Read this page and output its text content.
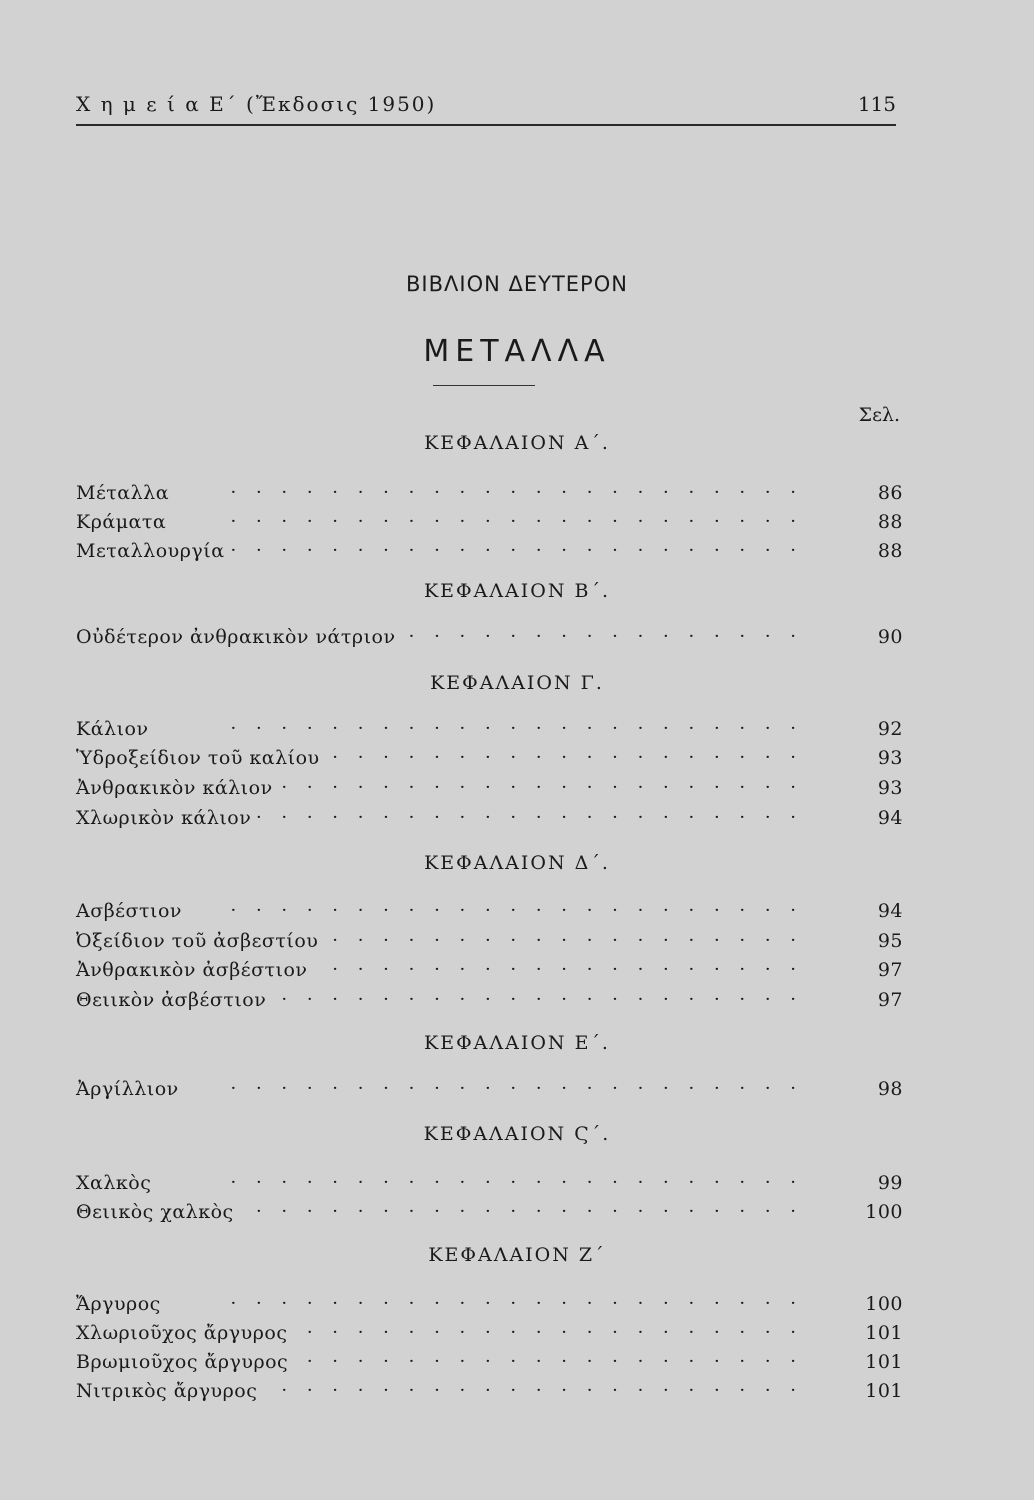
Χ η μ ε ί α Ε΄ (Ἔκδοσις 1950)	115
ΒΙΒΛΙΟΝ ΔΕΥΤΕΡΟΝ
ΜΕΤΑΛΛΑ
Σελ.
ΚΕΦΑΛΑΙΟΝ Α΄.
· · ·
Μέταλλα	86
· · ·
Κράματα	88
· · ·
Μεταλλουργία	88
ΚΕΦΑΛΑΙΟΝ Β΄.
· · ·
Οὐδέτερον ἀνθρακικὸν νάτριον	90
ΚΕΦΑΛΑΙΟΝ Γ.
· · ·
Κάλιον	92
· · ·
Ὑδροξείδιον τοῦ καλίου	93
· · ·
Ἀνθρακικὸν κάλιον	93
· · ·
Χλωρικὸν κάλιον	94
ΚΕΦΑΛΑΙΟΝ Δ΄.
· · ·
Ασβέστιον	94
· · ·
Ὀξείδιον τοῦ ἀσβεστίου	95
· · ·
Ἀνθρακικὸν ἀσβέστιον	97
· · ·
Θειικὸν ἀσβέστιον	97
ΚΕΦΑΛΑΙΟΝ Ε΄.
· · ·
Ἀργίλλιον	98
ΚΕΦΑΛΑΙΟΝ Ϛ΄.
· · ·
Χαλκὸς	99
· · ·
Θειικὸς χαλκὸς	100
ΚΕΦΑΛΑΙΟΝ Ζ΄
· · ·
Ἄργυρος	100
· · ·
Χλωριοῦχος ἄργυρος	101
· · ·
Βρωμιοῦχος ἄργυρος	101
· · ·
Νιτρικὸς ἄργυρος	101
